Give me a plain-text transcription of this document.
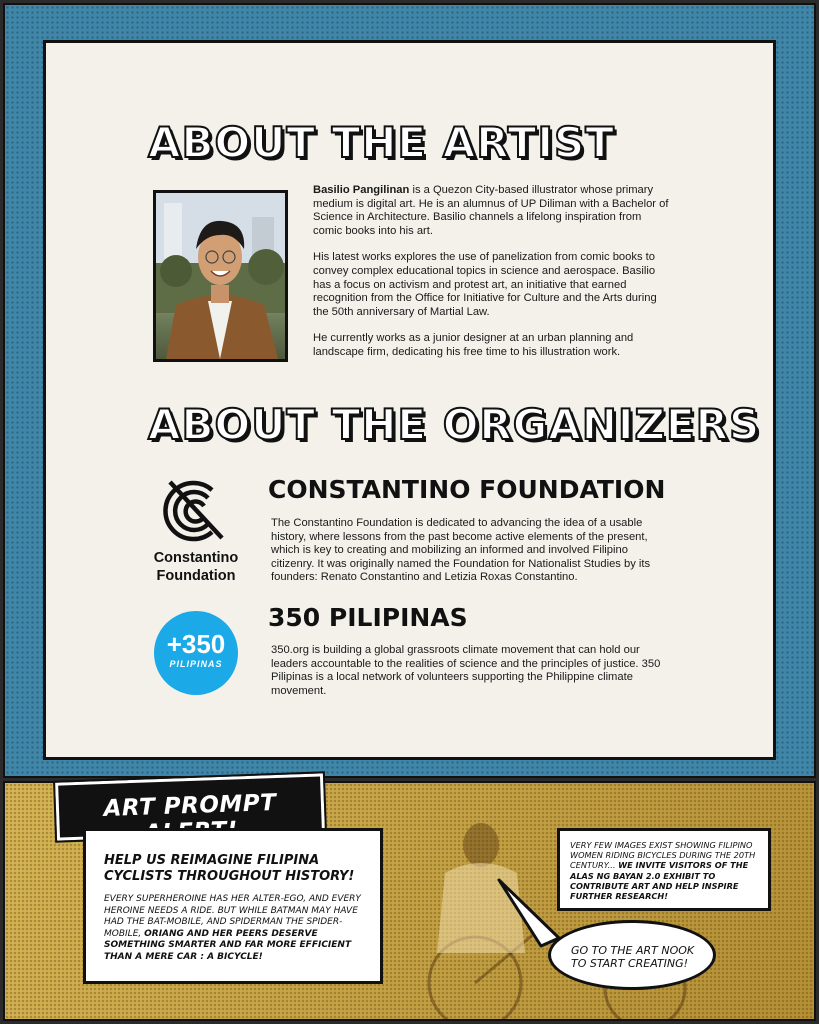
ABOUT THE ARTIST

Basilio Pangilinan is a Quezon City-based illustrator whose primary medium is digital art. He is an alumnus of UP Diliman with a Bachelor of Science in Architecture. Basilio channels a lifelong inspiration from comic books into his art.

His latest works explores the use of panelization from comic books to convey complex educational topics in science and aerospace. Basilio has a focus on activism and protest art, an initiative that earned recognition from the Office for Initiative for Culture and the Arts during the 50th anniversary of Martial Law.

He currently works as a junior designer at an urban planning and landscape firm, dedicating his free time to his illustration work.

ABOUT THE ORGANIZERS
Constantino
Foundation
CONSTANTINO FOUNDATION

The Constantino Foundation is dedicated to advancing the idea of a usable history, where lessons from the past become active elements of the present, which is key to creating and mobilizing an informed and involved Filipino citizenry. It was originally named the Foundation for Nationalist Studies by its founders: Renato Constantino and Letizia Roxas Constantino.

+350
PILIPINAS
350 PILIPINAS

350.org is building a global grassroots climate movement that can hold our leaders accountable to the realities of science and the principles of justice. 350 Pilipinas is a local network of volunteers supporting the Philippine climate movement.

ART PROMPT

HELP US REIMAGINE FILIPINA CYCLISTS THROUGHOUT HISTORY!

EVERY SUPERHEROINE HAS HER ALTER-EGO, AND EVERY HEROINE NEEDS A RIDE. BUT WHILE BATMAN MAY HAVE HAD THE BAT-MOBILE, AND SPIDERMAN THE SPIDER-MOBILE, ORIANG AND HER PEERS DESERVE SOMETHING SMARTER AND FAR MORE EFFICIENT THAN A MERE CAR : A BICYCLE!

VERY FEW IMAGES EXIST SHOWING FILIPINO WOMEN RIDING BICYCLES DURING THE 20TH CENTURY... WE INVITE VISITORS OF THE ALAS NG BAYAN 2.0 EXHIBIT TO CONTRIBUTE ART AND HELP INSPIRE FURTHER RESEARCH!

GO TO THE ART NOOK TO START CREATING!
